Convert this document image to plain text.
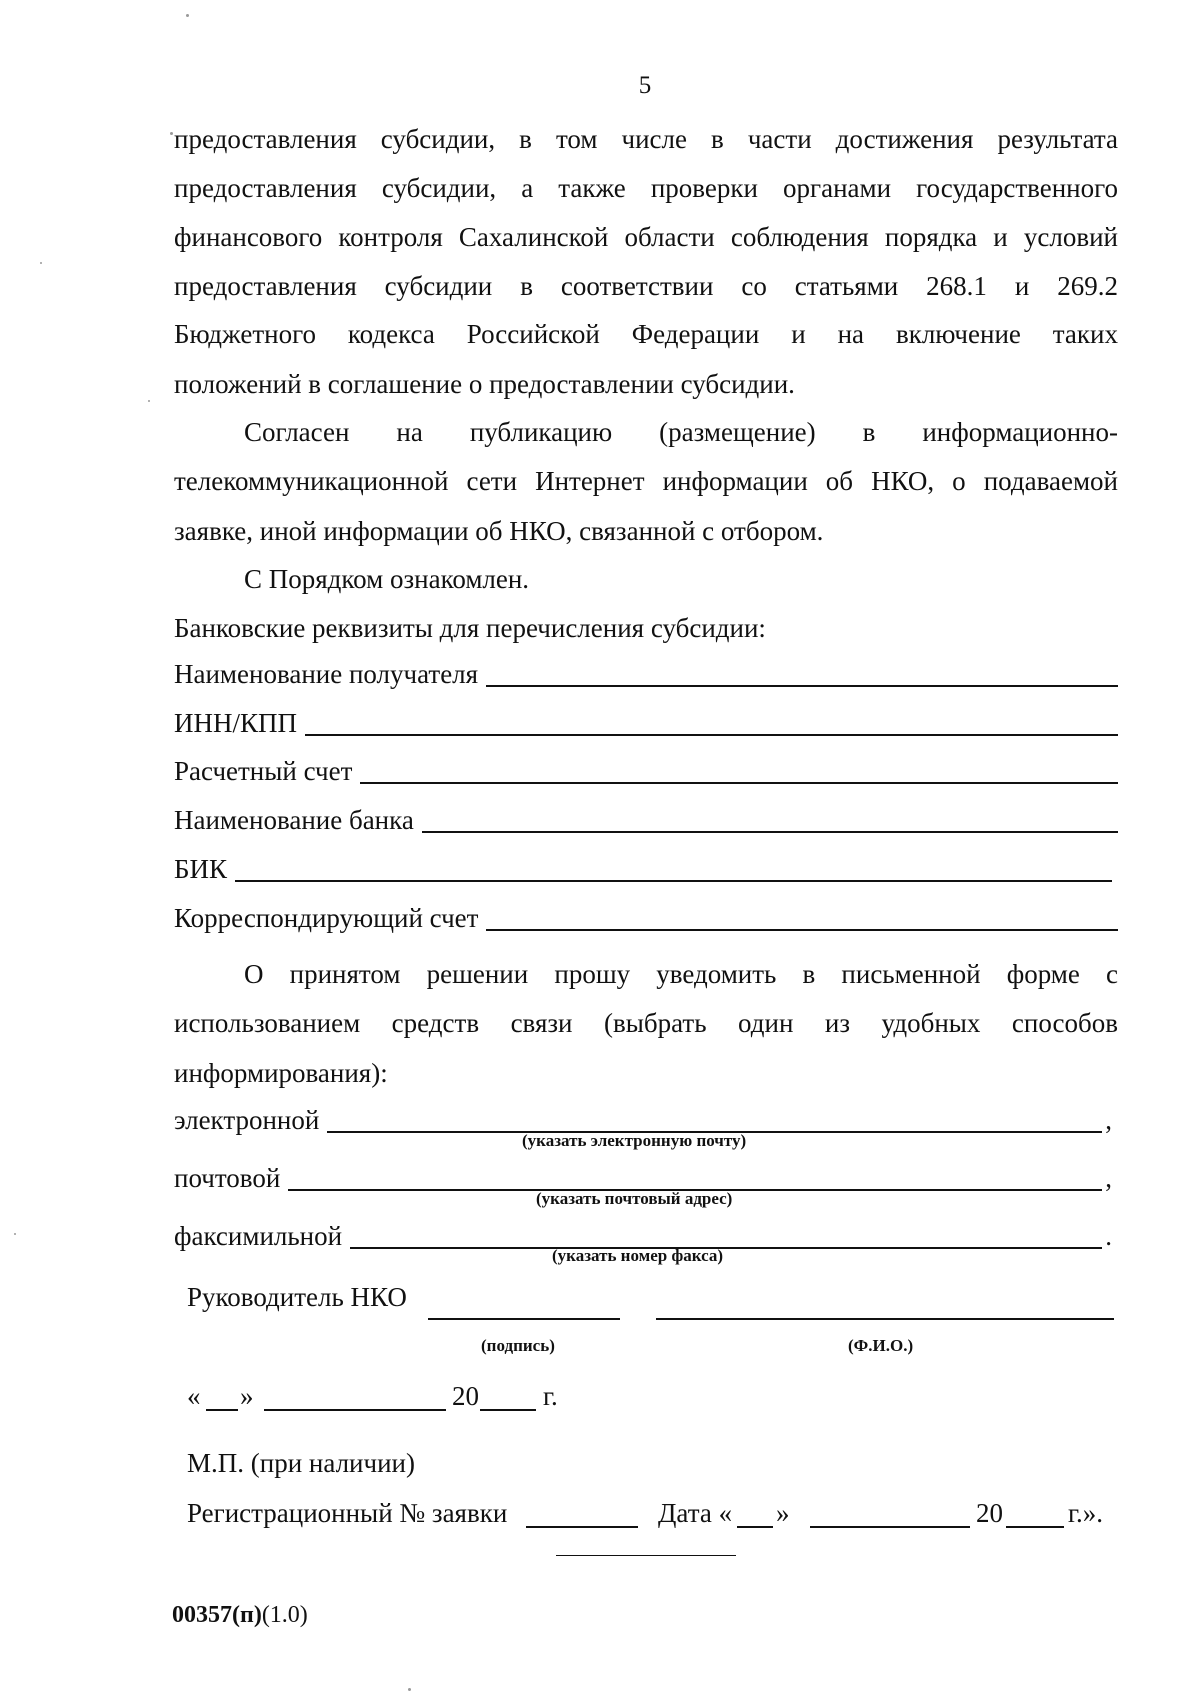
5

предоставления субсидии, в том числе в части достижения результата

предоставления субсидии, а также проверки органами государственного

финансового контроля Сахалинской области соблюдения порядка и условий

предоставления субсидии в соответствии со статьями 268.1 и 269.2

Бюджетного кодекса Российской Федерации и на включение таких

положений в соглашение о предоставлении субсидии.

Согласен на публикацию (размещение) в информационно-

телекоммуникационной сети Интернет информации об НКО, о подаваемой

заявке, иной информации об НКО, связанной с отбором.

С Порядком ознакомлен.

Банковские реквизиты для перечисления субсидии:

Наименование получателя
ИНН/КПП
Расчетный счет
Наименование банка
БИК
Корреспондирующий счет

О принятом решении прошу уведомить в письменной форме с

использованием средств связи (выбрать один из удобных способов

информирования):

электронной	,
(указать электронную почту)
почтовой	,
(указать почтовый адрес)
факсимильной	.
(указать номер факса)
Руководитель НКО
(подпись)	(Ф.И.О.)
« »	20 г.
М.П. (при наличии)
Регистрационный № заявки	Дата « »	20 г.».
00357(п)(1.0)
